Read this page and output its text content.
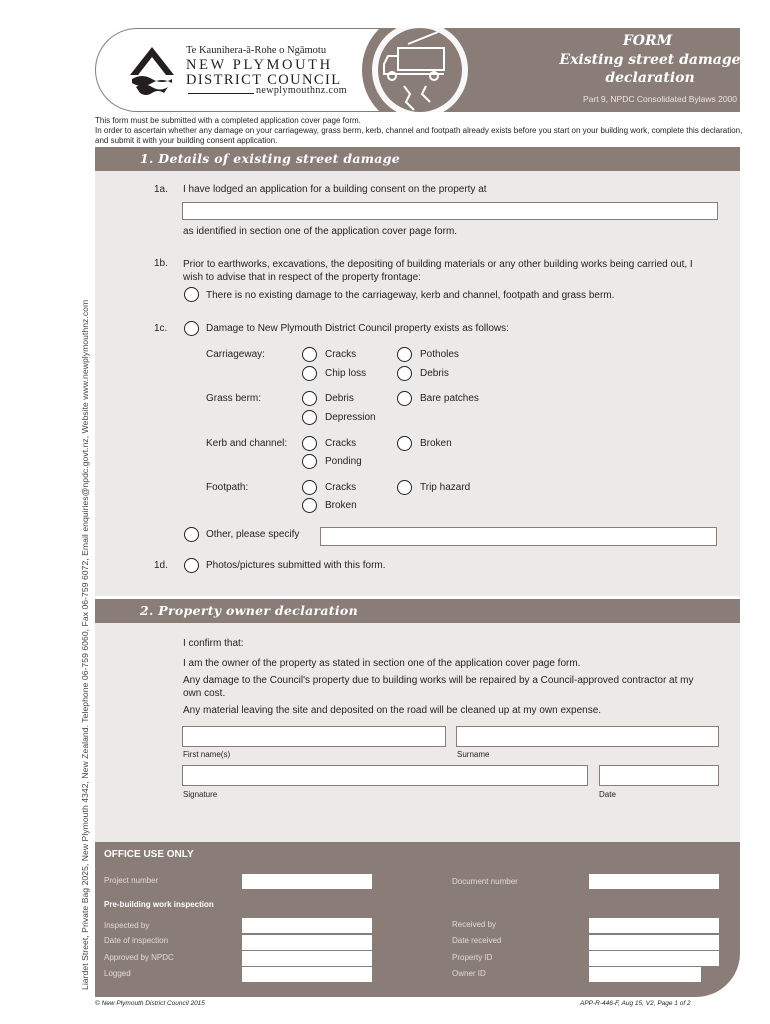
Liardet Street, Private Bag 2025, New Plymouth 4342, New Zealand. Telephone 06-759 6060, Fax 06-759 6072, Email enquiries@npdc.govt.nz, Website www.newplymouthnz.com
Te Kaunihera-ā-Rohe o Ngāmotu
NEW PLYMOUTH
DISTRICT COUNCIL
newplymouthnz.com
FORM
Existing street damage
declaration
Part 9, NPDC Consolidated Bylaws 2000
This form must be submitted with a completed application cover page form.
In order to ascertain whether any damage on your carriageway, grass berm, kerb, channel and footpath already exists before you start on your building work, complete this declaration, and submit it with your building consent application.
1. Details of existing street damage
1a. I have lodged an application for a building consent on the property at
as identified in section one of the application cover page form.
1b. Prior to earthworks, excavations, the depositing of building materials or any other building works being carried out, I wish to advise that in respect of the property frontage:
There is no existing damage to the carriageway, kerb and channel, footpath and grass berm.
1c.	Damage to New Plymouth District Council property exists as follows:
Carriageway:	Cracks	Potholes
Chip loss	Debris
Grass berm:	Debris	Bare patches
Depression
Kerb and channel:	Cracks	Broken
Ponding
Footpath:	Cracks	Trip hazard
Broken
Other, please specify
1d.	Photos/pictures submitted with this form.
2. Property owner declaration
I confirm that:
I am the owner of the property as stated in section one of the application cover page form.
Any damage to the Council's property due to building works will be repaired by a Council-approved contractor at my own cost.
Any material leaving the site and deposited on the road will be cleaned up at my own expense.
First name(s)	Surname
Signature	Date
OFFICE USE ONLY
Project number	Document number
Pre-building work inspection
Inspected by	Received by
Date of inspection	Date received
Approved by NPDC	Property ID
Logged	Owner ID
© New Plymouth District Council 2015	APP-R-446-F, Aug 15, V2, Page 1 of 2
